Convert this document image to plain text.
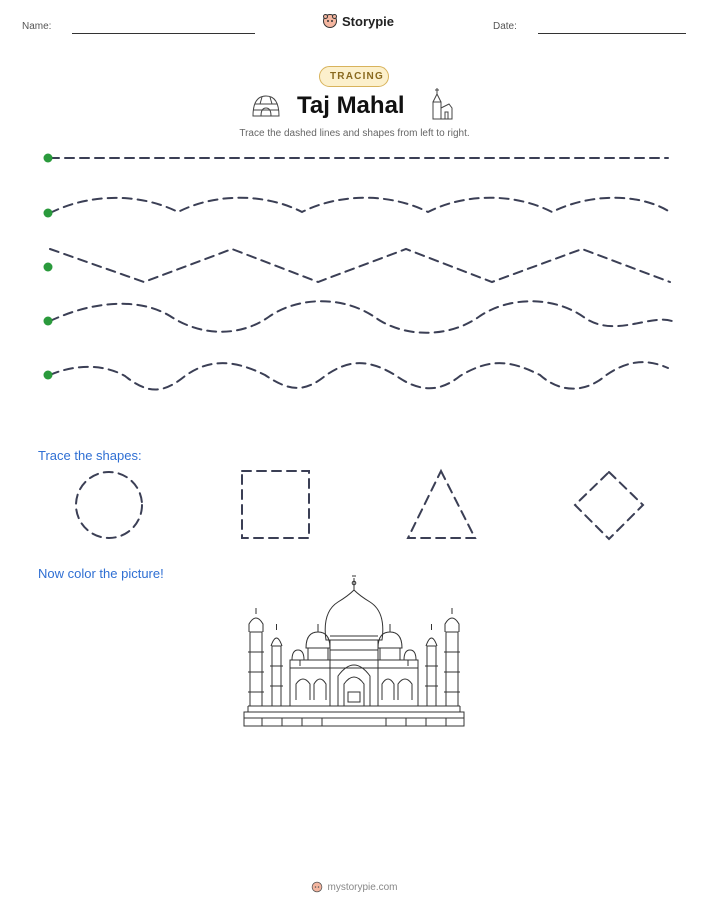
Name:	Storypie	Date:
TRACING
Taj Mahal
Trace the dashed lines and shapes from left to right.
Trace the shapes:
Now color the picture!
mystorypie.com
